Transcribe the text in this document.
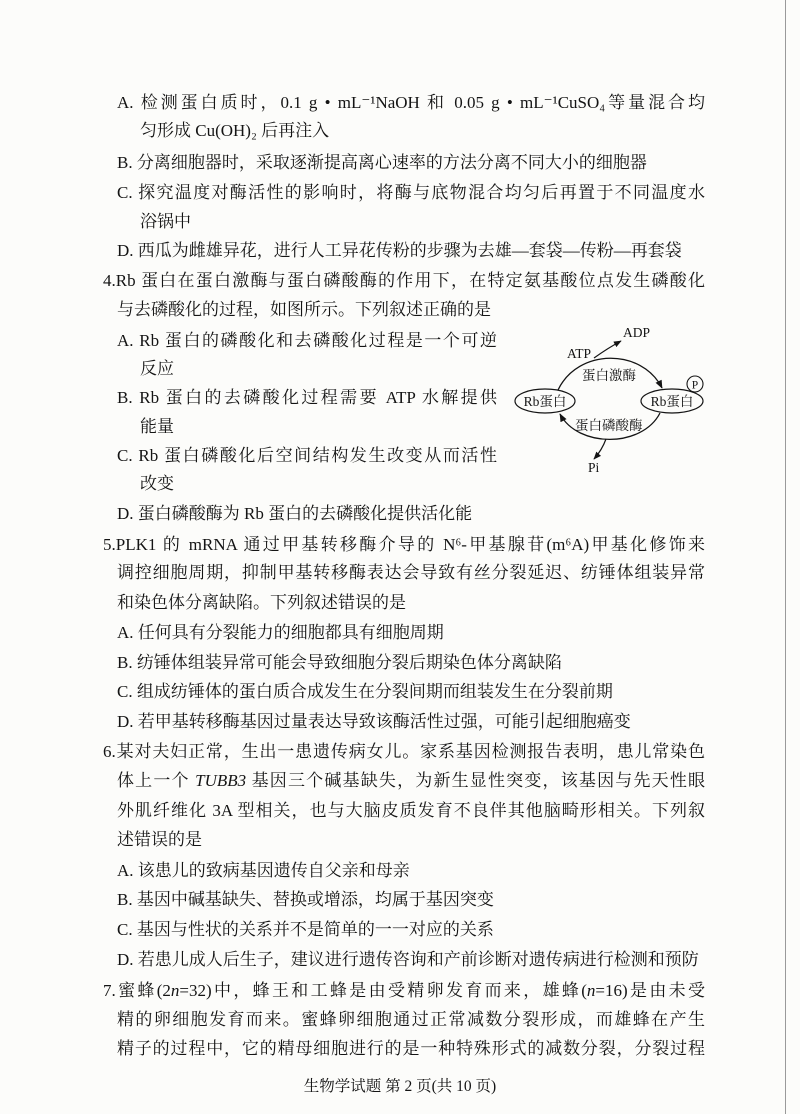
A. 检测蛋白质时，0.1 g • mL⁻¹NaOH 和 0.05 g • mL⁻¹CuSO₄等量混合均
匀形成 Cu(OH)₂ 后再注入
B. 分离细胞器时，采取逐渐提高离心速率的方法分离不同大小的细胞器
C. 探究温度对酶活性的影响时，将酶与底物混合均匀后再置于不同温度水
浴锅中
D. 西瓜为雌雄异花，进行人工异花传粉的步骤为去雄—套袋—传粉—再套袋
4.Rb 蛋白在蛋白激酶与蛋白磷酸酶的作用下，在特定氨基酸位点发生磷酸化
与去磷酸化的过程，如图所示。下列叙述正确的是
A. Rb 蛋白的磷酸化和去磷酸化过程是一个可逆
反应
B. Rb 蛋白的去磷酸化过程需要 ATP 水解提供
能量
C. Rb 蛋白磷酸化后空间结构发生改变从而活性
改变
D. 蛋白磷酸酶为 Rb 蛋白的去磷酸化提供活化能
ADP
ATP
蛋白激酶
Rb蛋白	Rb蛋白
P
蛋白磷酸酶
Pi
5.PLK1 的 mRNA 通过甲基转移酶介导的 N⁶-甲基腺苷(m⁶A)甲基化修饰来
调控细胞周期，抑制甲基转移酶表达会导致有丝分裂延迟、纺锤体组装异常
和染色体分离缺陷。下列叙述错误的是
A. 任何具有分裂能力的细胞都具有细胞周期
B. 纺锤体组装异常可能会导致细胞分裂后期染色体分离缺陷
C. 组成纺锤体的蛋白质合成发生在分裂间期而组装发生在分裂前期
D. 若甲基转移酶基因过量表达导致该酶活性过强，可能引起细胞癌变
6.某对夫妇正常，生出一患遗传病女儿。家系基因检测报告表明，患儿常染色
体上一个 TUBB3 基因三个碱基缺失，为新生显性突变，该基因与先天性眼
外肌纤维化 3A 型相关，也与大脑皮质发育不良伴其他脑畸形相关。下列叙
述错误的是
A. 该患儿的致病基因遗传自父亲和母亲
B. 基因中碱基缺失、替换或增添，均属于基因突变
C. 基因与性状的关系并不是简单的一一对应的关系
D. 若患儿成人后生子，建议进行遗传咨询和产前诊断对遗传病进行检测和预防
7.蜜蜂(2n=32)中，蜂王和工蜂是由受精卵发育而来，雄蜂(n=16)是由未受
精的卵细胞发育而来。蜜蜂卵细胞通过正常减数分裂形成，而雄蜂在产生
精子的过程中，它的精母细胞进行的是一种特殊形式的减数分裂，分裂过程
生物学试题 第 2 页(共 10 页)
